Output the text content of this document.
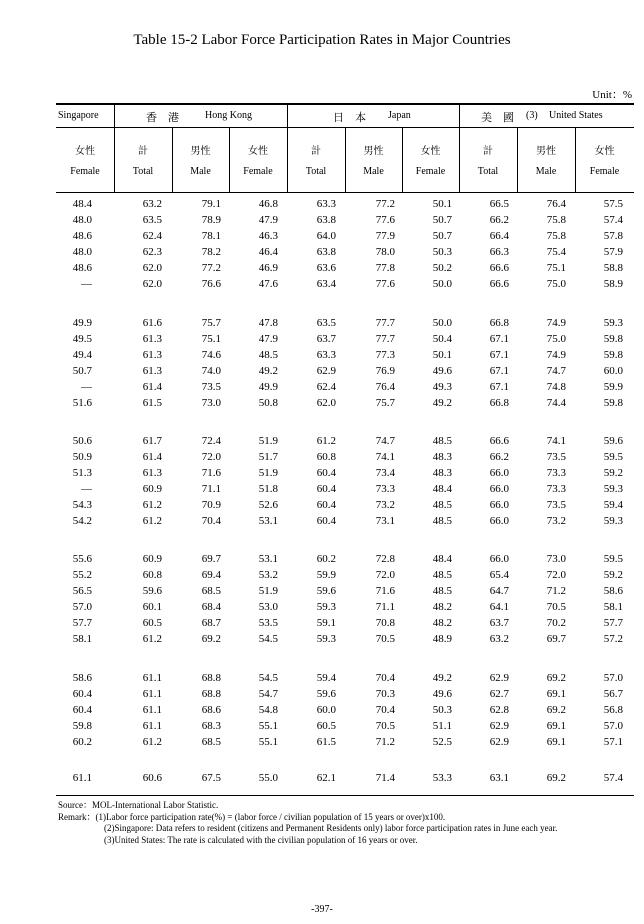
Table 15-2 Labor Force Participation Rates in Major Countries
Unit：%
Singapore	香　港	Hong Kong	日　本 Japan	美　國 (3) United States
女性	計	男性	女性	計	男性	女性	計	男性	女性
Female	Total	Male	Female	Total	Male	Female	Total	Male	Female
48.4	63.2	79.1	46.8	63.3	77.2	50.1	66.5	76.4	57.5
48.0	63.5	78.9	47.9	63.8	77.6	50.7	66.2	75.8	57.4
48.6	62.4	78.1	46.3	64.0	77.9	50.7	66.4	75.8	57.8
48.0	62.3	78.2	46.4	63.8	78.0	50.3	66.3	75.4	57.9
48.6	62.0	77.2	46.9	63.6	77.8	50.2	66.6	75.1	58.8
—	62.0	76.6	47.6	63.4	77.6	50.0	66.6	75.0	58.9
49.9	61.6	75.7	47.8	63.5	77.7	50.0	66.8	74.9	59.3
49.5	61.3	75.1	47.9	63.7	77.7	50.4	67.1	75.0	59.8
49.4	61.3	74.6	48.5	63.3	77.3	50.1	67.1	74.9	59.8
50.7	61.3	74.0	49.2	62.9	76.9	49.6	67.1	74.7	60.0
—	61.4	73.5	49.9	62.4	76.4	49.3	67.1	74.8	59.9
51.6	61.5	73.0	50.8	62.0	75.7	49.2	66.8	74.4	59.8
50.6	61.7	72.4	51.9	61.2	74.7	48.5	66.6	74.1	59.6
50.9	61.4	72.0	51.7	60.8	74.1	48.3	66.2	73.5	59.5
51.3	61.3	71.6	51.9	60.4	73.4	48.3	66.0	73.3	59.2
—	60.9	71.1	51.8	60.4	73.3	48.4	66.0	73.3	59.3
54.3	61.2	70.9	52.6	60.4	73.2	48.5	66.0	73.5	59.4
54.2	61.2	70.4	53.1	60.4	73.1	48.5	66.0	73.2	59.3
55.6	60.9	69.7	53.1	60.2	72.8	48.4	66.0	73.0	59.5
55.2	60.8	69.4	53.2	59.9	72.0	48.5	65.4	72.0	59.2
56.5	59.6	68.5	51.9	59.6	71.6	48.5	64.7	71.2	58.6
57.0	60.1	68.4	53.0	59.3	71.1	48.2	64.1	70.5	58.1
57.7	60.5	68.7	53.5	59.1	70.8	48.2	63.7	70.2	57.7
58.1	61.2	69.2	54.5	59.3	70.5	48.9	63.2	69.7	57.2
58.6	61.1	68.8	54.5	59.4	70.4	49.2	62.9	69.2	57.0
60.4	61.1	68.8	54.7	59.6	70.3	49.6	62.7	69.1	56.7
60.4	61.1	68.6	54.8	60.0	70.4	50.3	62.8	69.2	56.8
59.8	61.1	68.3	55.1	60.5	70.5	51.1	62.9	69.1	57.0
60.2	61.2	68.5	55.1	61.5	71.2	52.5	62.9	69.1	57.1
61.1	60.6	67.5	55.0	62.1	71.4	53.3	63.1	69.2	57.4
Source：MOL-International Labor Statistic.
Remark：(1)Labor force participation rate(%) = (labor force / civilian population of 15 years or over)x100.
(2)Singapore: Data refers to resident (citizens and Permanent Residents only) labor force participation rates in June each year.
(3)United States: The rate is calculated with the civilian population of 16 years or over.
-397-
